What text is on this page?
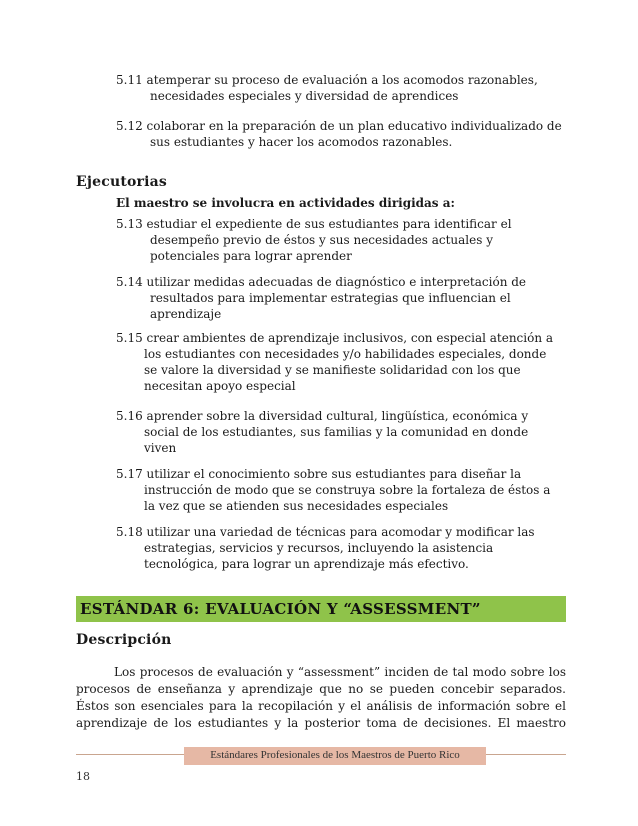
5.11 atemperar su proceso de evaluación a los acomodos razonables,
necesidades especiales y diversidad de aprendices
5.12 colaborar en la preparación de un plan educativo individualizado de
sus estudiantes y hacer los acomodos razonables.
Ejecutorias
El maestro se involucra en actividades dirigidas a:
5.13 estudiar el expediente de sus estudiantes para identificar el
desempeño previo de éstos y sus necesidades actuales y
potenciales para lograr aprender
5.14 utilizar medidas adecuadas de diagnóstico e interpretación de
resultados para implementar estrategias que influencian el
aprendizaje
5.15 crear ambientes de aprendizaje inclusivos, con especial atención a
los estudiantes con necesidades y/o habilidades especiales, donde
se valore la diversidad y se manifieste solidaridad con los que
necesitan apoyo especial
5.16 aprender sobre la diversidad cultural, lingüística, económica y
social de los estudiantes, sus familias y la comunidad en donde
viven
5.17 utilizar el conocimiento sobre sus estudiantes para diseñar la
instrucción de modo que se construya sobre la fortaleza de éstos a
la vez que se atienden sus necesidades especiales
5.18 utilizar una variedad de técnicas para acomodar y modificar las
estrategias, servicios y recursos, incluyendo la asistencia
tecnológica, para lograr un aprendizaje más efectivo.
ESTÁNDAR 6: EVALUACIÓN Y “ASSESSMENT”
Descripción
Los procesos de evaluación y “assessment” inciden de tal modo sobre los
procesos de enseñanza y aprendizaje que no se pueden concebir separados.
Éstos son esenciales para la recopilación y el análisis de información sobre el
aprendizaje de los estudiantes y la posterior toma de decisiones. El maestro
Estándares Profesionales de los Maestros de Puerto Rico
18
